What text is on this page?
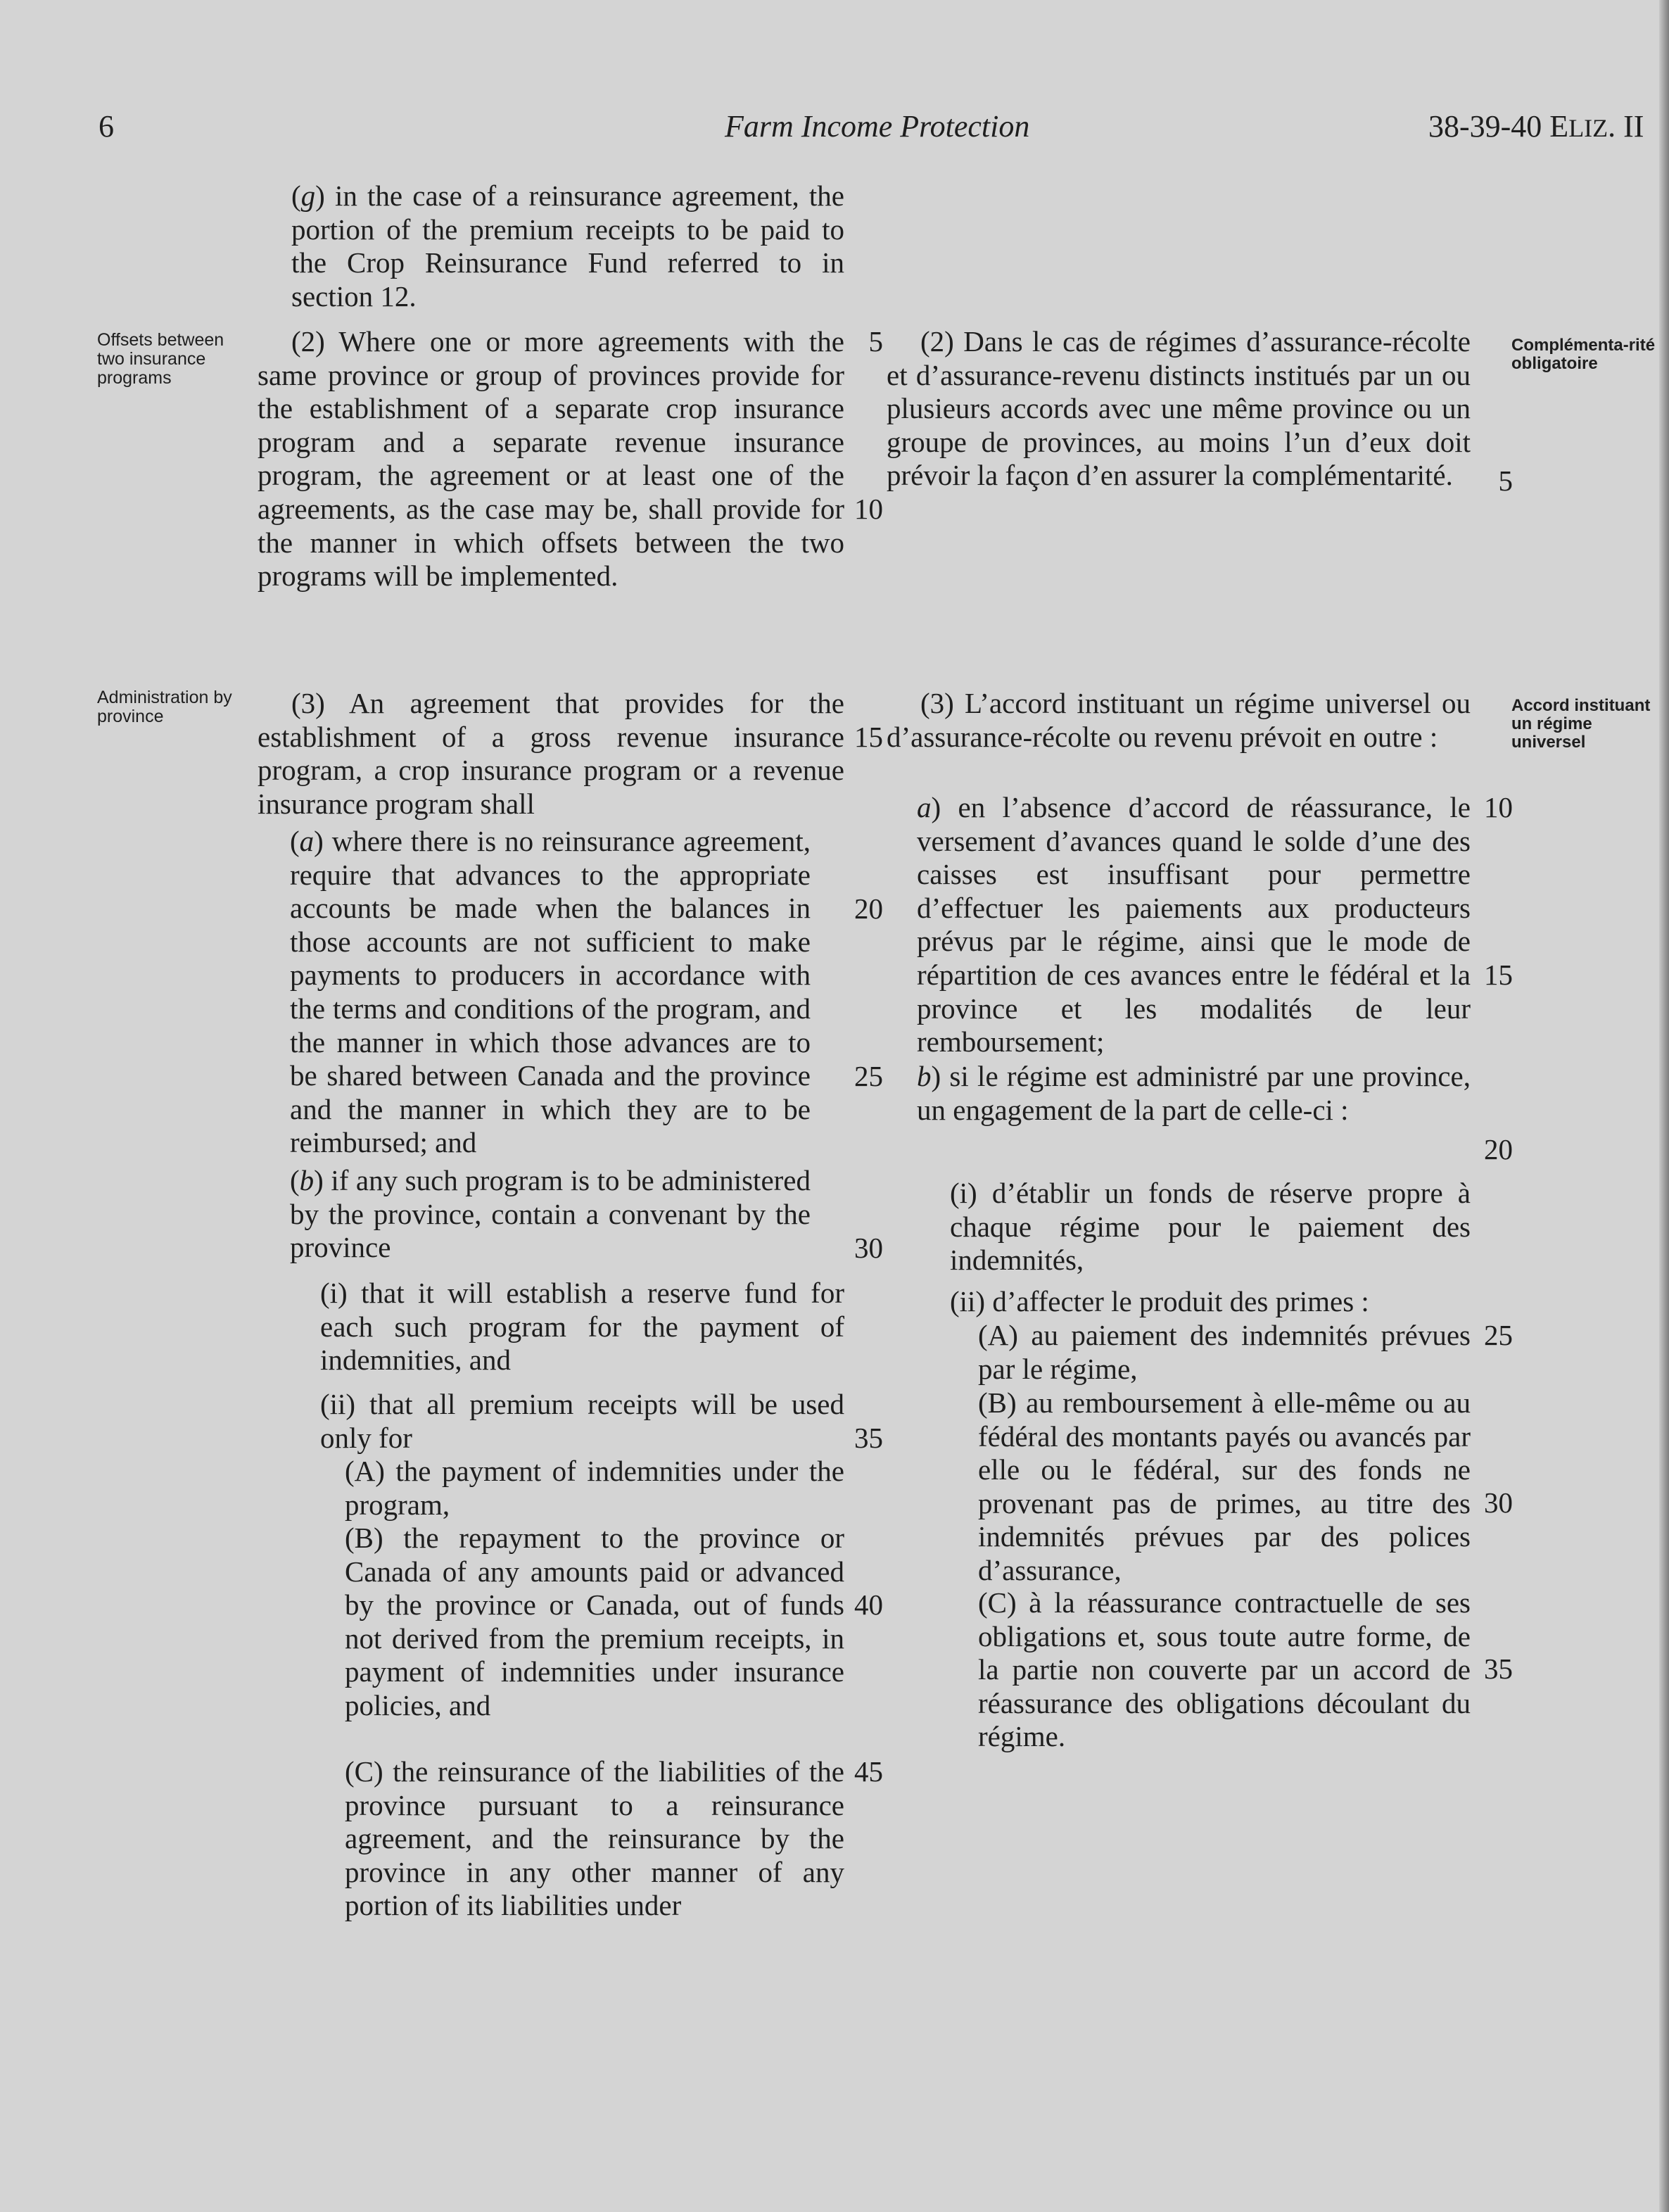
6	Farm Income Protection	38-39-40 ELIZ. II
Offsets between two insurance programs
Administration by province
Complémenta-rité obligatoire
Accord instituant un régime universel

(g) in the case of a reinsurance agreement, the portion of the premium receipts to be paid to the Crop Reinsurance Fund referred to in section 12.

(2) Where one or more agreements with the same province or group of provinces provide for the establishment of a separate crop insurance program and a separate revenue insurance program, the agreement or at least one of the agreements, as the case may be, shall provide for the manner in which offsets between the two programs will be implemented.

(3) An agreement that provides for the establishment of a gross revenue insurance program, a crop insurance program or a revenue insurance program shall

(a) where there is no reinsurance agreement, require that advances to the appropriate accounts be made when the balances in those accounts are not sufficient to make payments to producers in accordance with the terms and conditions of the program, and the manner in which those advances are to be shared between Canada and the province and the manner in which they are to be reimbursed; and

(b) if any such program is to be administered by the province, contain a convenant by the province

(i) that it will establish a reserve fund for each such program for the payment of indemnities, and
(ii) that all premium receipts will be used only for
(A) the payment of indemnities under the program,
(B) the repayment to the province or Canada of any amounts paid or advanced by the province or Canada, out of funds not derived from the premium receipts, in payment of indemnities under insurance policies, and
(C) the reinsurance of the liabilities of the province pursuant to a reinsurance agreement, and the reinsurance by the province in any other manner of any portion of its liabilities under
5
10
15
20
25
30
35
40
45

(2) Dans le cas de régimes d’assurance-récolte et d’assurance-revenu distincts institués par un ou plusieurs accords avec une même province ou un groupe de provinces, au moins l’un d’eux doit prévoir la façon d’en assurer la complémentarité.

(3) L’accord instituant un régime universel ou d’assurance-récolte ou revenu prévoit en outre :

a) en l’absence d’accord de réassurance, le versement d’avances quand le solde d’une des caisses est insuffisant pour permettre d’effectuer les paiements aux producteurs prévus par le régime, ainsi que le mode de répartition de ces avances entre le fédéral et la province et les modalités de leur remboursement;

b) si le régime est administré par une province, un engagement de la part de celle-ci :

(i) d’établir un fonds de réserve propre à chaque régime pour le paiement des indemnités,
(ii) d’affecter le produit des primes :
(A) au paiement des indemnités prévues par le régime,
(B) au remboursement à elle-même ou au fédéral des montants payés ou avancés par elle ou le fédéral, sur des fonds ne provenant pas de primes, au titre des indemnités prévues par des polices d’assurance,
(C) à la réassurance contractuelle de ses obligations et, sous toute autre forme, de la partie non couverte par un accord de réassurance des obligations découlant du régime.
5
10
15
20
25
30
35
